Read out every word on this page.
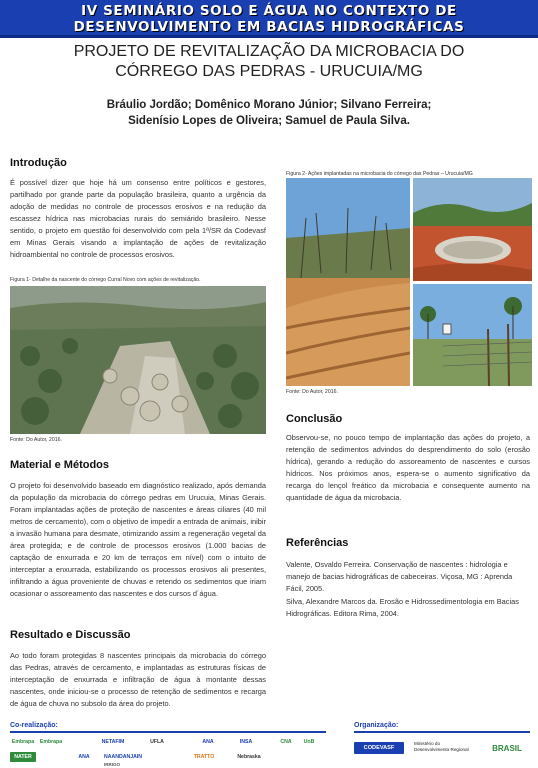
IV SEMINÁRIO SOLO E ÁGUA NO CONTEXTO DE
DESENVOLVIMENTO EM BACIAS HIDROGRÁFICAS
PROJETO DE REVITALIZAÇÃO DA MICROBACIA DO
CÓRREGO DAS PEDRAS - URUCUIA/MG
Bráulio Jordão; Domênico Morano Júnior; Silvano Ferreira;
Sidenísio Lopes de Oliveira; Samuel de Paula Silva.
Introdução

É possível dizer que hoje há um consenso entre políticos e gestores, partilhado por grande parte da população brasileira, quanto a urgência da adoção de medidas no controle de processos erosivos e na redução da escassez hídrica nas microbacias rurais do semiárido brasileiro. Nesse sentido, o projeto em questão foi desenvolvido com pela 1ª/SR da Codevasf em Minas Gerais visando a implantação de ações de revitalização hidroambiental no controle de processos erosivos.

Figura 1- Detalhe da nascente do córrego Curral Novo com ações de revitalização.
Fonte: Do Autor, 2016.
Material e Métodos

O projeto foi desenvolvido baseado em diagnóstico realizado, após demanda da população da microbacia do córrego pedras em Urucuia, Minas Gerais. Foram implantadas ações de proteção de nascentes e áreas ciliares (40 mil metros de cercamento), com o objetivo de impedir a entrada de animais, inibir a invasão humana para desmate, otimizando assim a regeneração vegetal da área protegida; e de controle de processos erosivos (1.000 bacias de captação de enxurrada e 20 km de terraços em nível) com o intuito de interceptar a enxurrada, estabilizando os processos erosivos ali presentes, infiltrando a água proveniente de chuvas e retendo os sedimentos que iriam ocasionar o assoreamento das nascentes e dos cursos d´água.

Resultado e Discussão

Ao todo foram protegidas 8 nascentes principais da microbacia do córrego das Pedras, através de cercamento, e implantadas as estruturas físicas de interceptação de enxurrada e infiltração de água à montante dessas nascentes, onde iniciou-se o processo de retenção de sedimentos e recarga de água de chuva no subsolo da área do projeto.

Figura 2- Ações implantadas na microbacia do córrego das Pedras – Urucuia/MG
Fonte: Do Autor, 2016.
Conclusão

Observou-se, no pouco tempo de implantação das ações do projeto, a retenção de sedimentos advindos do desprendimento do solo (erosão hídrica), gerando a redução do assoreamento de nascentes e cursos hídricos. Nos próximos anos, espera-se o aumento significativo da recarga do lençol freático da microbacia e consequente aumento na quantidade de água da microbacia.

Referências

Valente, Osvaldo Ferreira. Conservação de nascentes : hidrologia e manejo de bacias hidrográficas de cabeceiras. Viçosa, MG : Aprenda Fácil, 2005.

Silva, Alexandre Marcos da. Erosão e Hidrossedimentologia em Bacias Hidrográficas. Editora Rima, 2004.

Co-realização:	Organização:
Embrapa	Embrapa	NETAFIM	UFLA	ANA	INSA	CNA	UnB
NATER	ANA	NAANDANJAIN
IRRIGO
TRATTO	Nebraska
CODEVASF
Ministério do Desenvolvimento Regional	BRASIL
